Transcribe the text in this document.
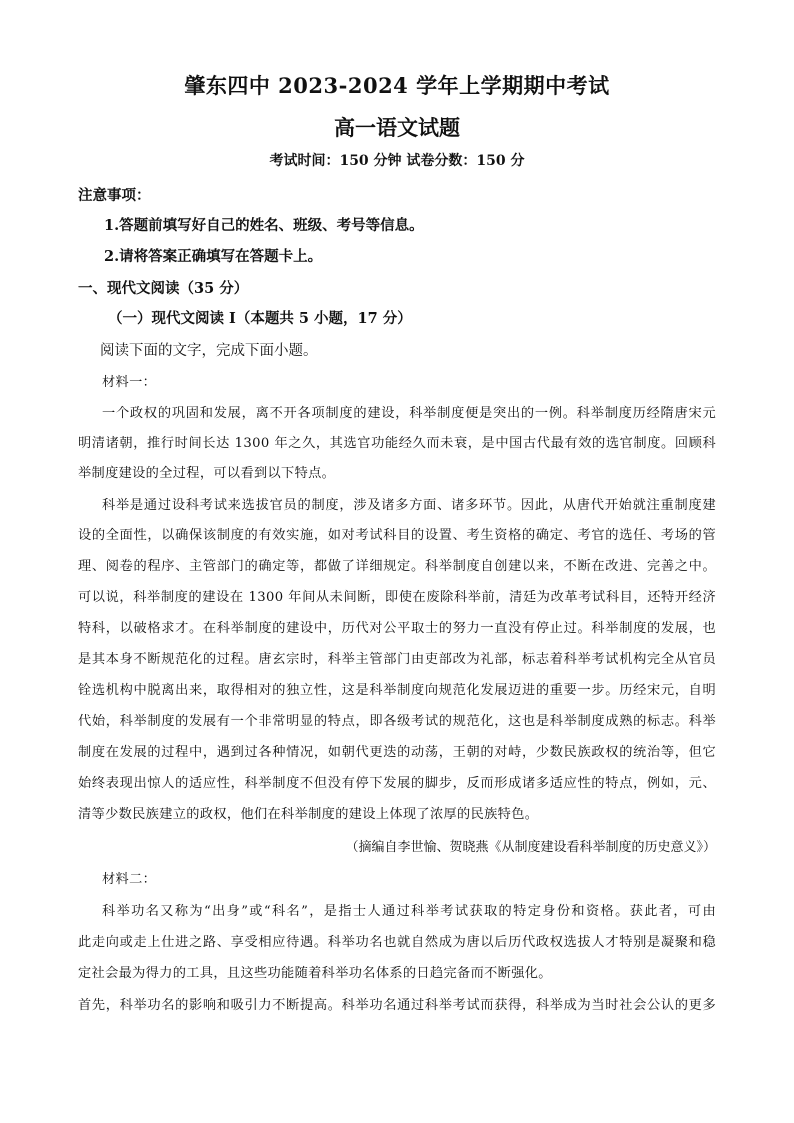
肇东四中 2023-2024 学年上学期期中考试
高一语文试题
考试时间：150 分钟 试卷分数：150 分
注意事项：
1.答题前填写好自己的姓名、班级、考号等信息。
2.请将答案正确填写在答题卡上。
一、现代文阅读（35 分）
（一）现代文阅读 I（本题共 5 小题，17 分）
阅读下面的文字，完成下面小题。
材料一：
一个政权的巩固和发展，离不开各项制度的建设，科举制度便是突出的一例。科举制度历经隋唐宋元
明清诸朝，推行时间长达 1300 年之久，其选官功能经久而未衰，是中国古代最有效的选官制度。回顾科
举制度建设的全过程，可以看到以下特点。
科举是通过设科考试来选拔官员的制度，涉及诸多方面、诸多环节。因此，从唐代开始就注重制度建
设的全面性，以确保该制度的有效实施，如对考试科目的设置、考生资格的确定、考官的选任、考场的管
理、阅卷的程序、主管部门的确定等，都做了详细规定。科举制度自创建以来，不断在改进、完善之中。
可以说，科举制度的建设在 1300 年间从未间断，即使在废除科举前，清廷为改革考试科目，还特开经济
特科，以破格求才。在科举制度的建设中，历代对公平取士的努力一直没有停止过。科举制度的发展，也
是其本身不断规范化的过程。唐玄宗时，科举主管部门由吏部改为礼部，标志着科举考试机构完全从官员
铨选机构中脱离出来，取得相对的独立性，这是科举制度向规范化发展迈进的重要一步。历经宋元，自明
代始，科举制度的发展有一个非常明显的特点，即各级考试的规范化，这也是科举制度成熟的标志。科举
制度在发展的过程中，遇到过各种情况，如朝代更迭的动荡，王朝的对峙，少数民族政权的统治等，但它
始终表现出惊人的适应性，科举制度不但没有停下发展的脚步，反而形成诸多适应性的特点，例如，元、
清等少数民族建立的政权，他们在科举制度的建设上体现了浓厚的民族特色。
（摘编自李世愉、贺晓燕《从制度建设看科举制度的历史意义》）
材料二：
科举功名又称为“出身”或“科名”，是指士人通过科举考试获取的特定身份和资格。获此者，可由
此走向或走上仕进之路、享受相应待遇。科举功名也就自然成为唐以后历代政权选拔人才特别是凝聚和稳
定社会最为得力的工具，且这些功能随着科举功名体系的日趋完备而不断强化。
首先，科举功名的影响和吸引力不断提高。科举功名通过科举考试而获得，科举成为当时社会公认的更多
